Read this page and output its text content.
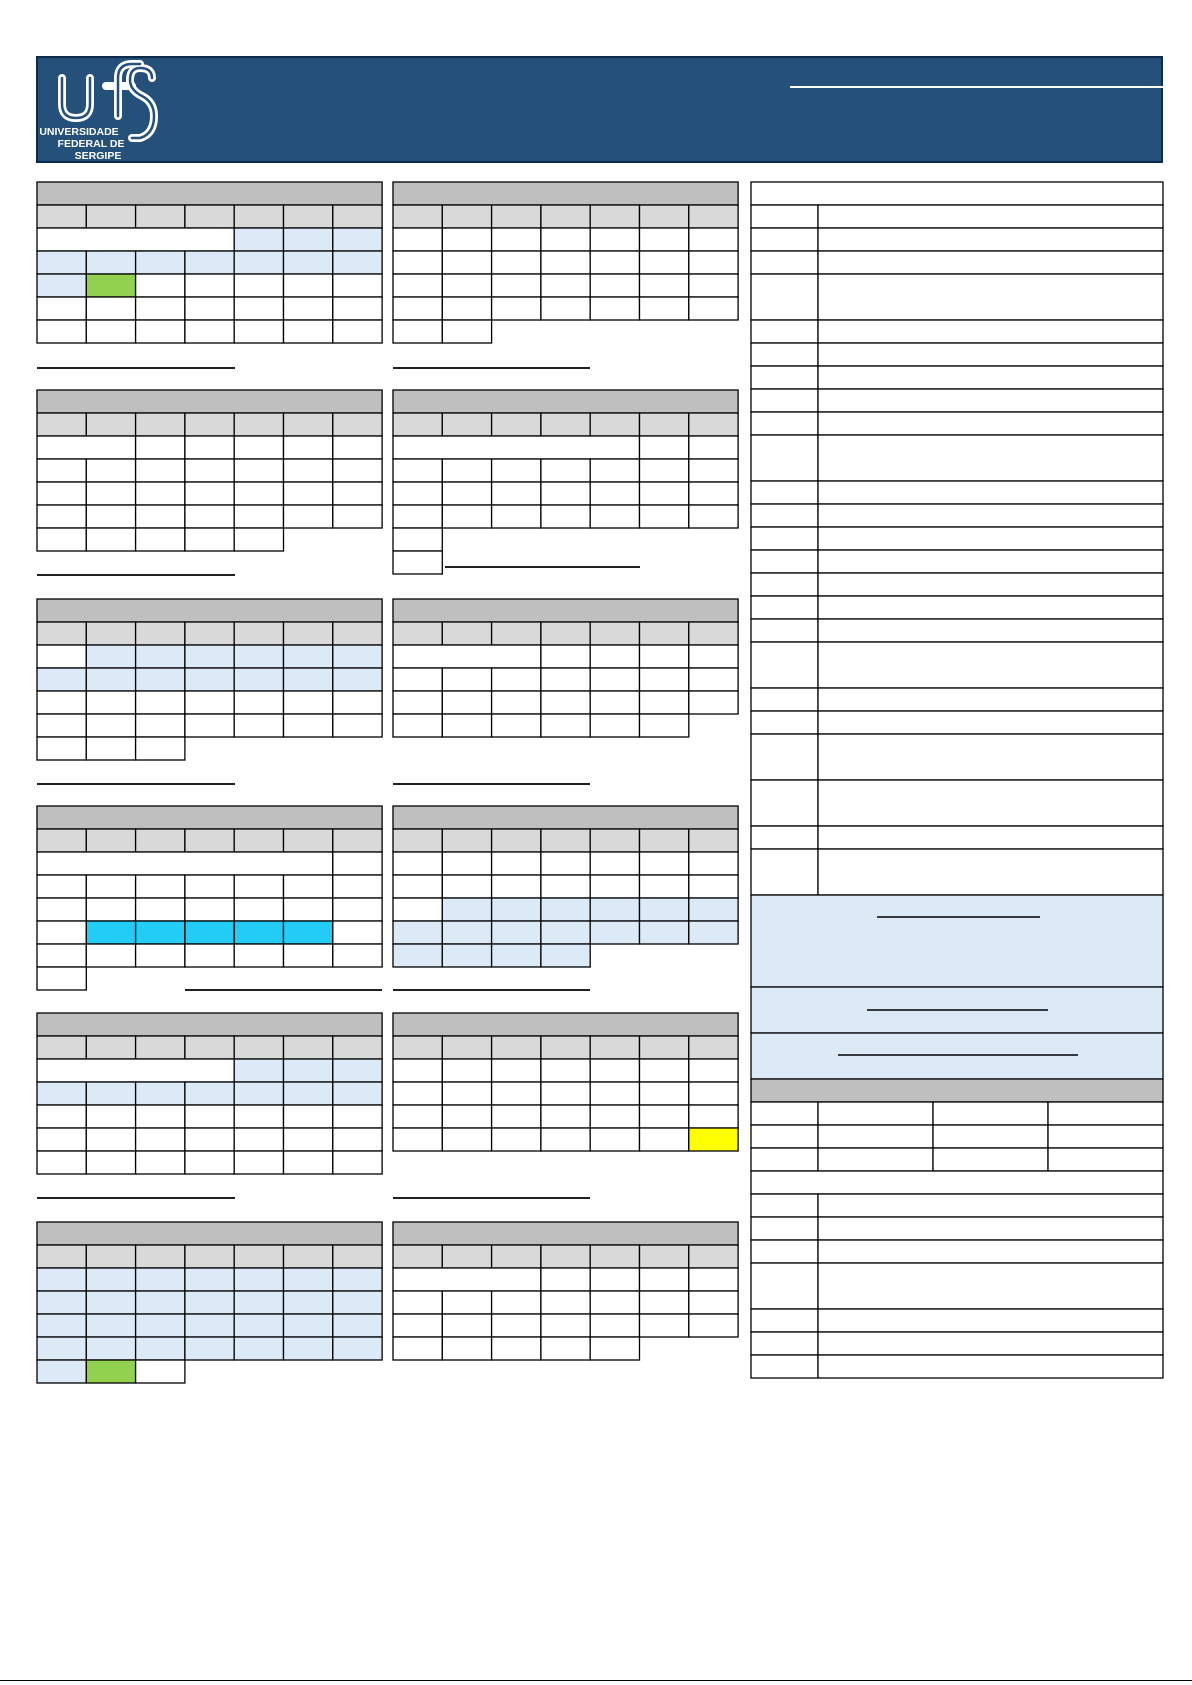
UNIVERSIDADE
FEDERAL DE
SERGIPE
